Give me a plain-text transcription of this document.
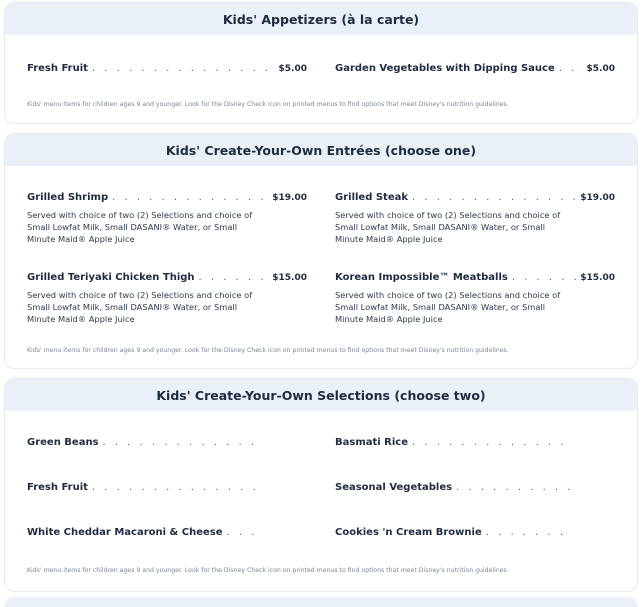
Kids' Appetizers (à la carte)
Fresh Fruit . . .	$5.00	Garden Vegetables with Dipping Sauce . . .	$5.00
Kids' menu items for children ages 9 and younger. Look for the Disney Check icon on printed menus to find options that meet Disney's nutrition guidelines.
Kids' Create-Your-Own Entrées (choose one)
Grilled Shrimp . . .	$19.00
Served with choice of two (2) Selections and choice of Small Lowfat Milk, Small DASANI® Water, or Small Minute Maid® Apple Juice
Grilled Steak . . .	$19.00
Served with choice of two (2) Selections and choice of Small Lowfat Milk, Small DASANI® Water, or Small Minute Maid® Apple Juice
Grilled Teriyaki Chicken Thigh . . .	$15.00
Served with choice of two (2) Selections and choice of Small Lowfat Milk, Small DASANI® Water, or Small Minute Maid® Apple Juice
Korean Impossible™ Meatballs . . .	$15.00
Served with choice of two (2) Selections and choice of Small Lowfat Milk, Small DASANI® Water, or Small Minute Maid® Apple Juice
Kids' menu items for children ages 9 and younger. Look for the Disney Check icon on printed menus to find options that meet Disney's nutrition guidelines.
Kids' Create-Your-Own Selections (choose two)
Green Beans . . .	Basmati Rice
. . .
Fresh Fruit . . .	Seasonal Vegetables
. . .
White Cheddar Macaroni & Cheese . . .	Cookies 'n Cream Brownie
. . .
Kids' menu items for children ages 9 and younger. Look for the Disney Check icon on printed menus to find options that meet Disney's nutrition guidelines.
